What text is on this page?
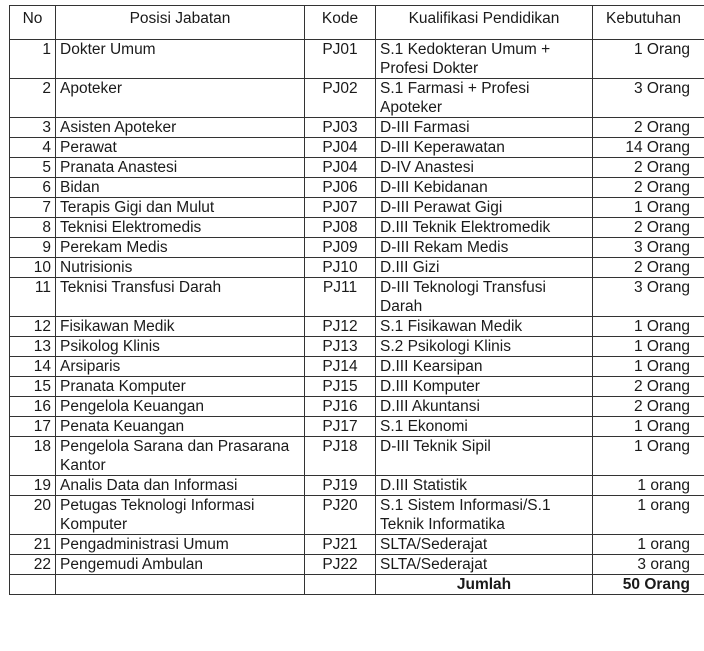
No	Posisi Jabatan	Kode	Kualifikasi Pendidikan	Kebutuhan
1	Dokter Umum	PJ01	S.1 Kedokteran Umum + Profesi Dokter	1 Orang
2	Apoteker	PJ02	S.1 Farmasi + Profesi Apoteker	3 Orang
3	Asisten Apoteker	PJ03	D-III Farmasi	2 Orang
4	Perawat	PJ04	D-III Keperawatan	14 Orang
5	Pranata Anastesi	PJ04	D-IV Anastesi	2 Orang
6	Bidan	PJ06	D-III Kebidanan	2 Orang
7	Terapis Gigi dan Mulut	PJ07	D-III Perawat Gigi	1 Orang
8	Teknisi Elektromedis	PJ08	D.III Teknik Elektromedik	2 Orang
9	Perekam Medis	PJ09	D-III Rekam Medis	3 Orang
10	Nutrisionis	PJ10	D.III Gizi	2 Orang
11	Teknisi Transfusi Darah	PJ11	D-III Teknologi Transfusi Darah	3 Orang
12	Fisikawan Medik	PJ12	S.1 Fisikawan Medik	1 Orang
13	Psikolog Klinis	PJ13	S.2 Psikologi Klinis	1 Orang
14	Arsiparis	PJ14	D.III Kearsipan	1 Orang
15	Pranata Komputer	PJ15	D.III Komputer	2 Orang
16	Pengelola Keuangan	PJ16	D.III Akuntansi	2 Orang
17	Penata Keuangan	PJ17	S.1 Ekonomi	1 Orang
18	Pengelola Sarana dan Prasarana Kantor	PJ18	D-III Teknik Sipil	1 Orang
19	Analis Data dan Informasi	PJ19	D.III Statistik	1 orang
20	Petugas Teknologi Informasi Komputer	PJ20	S.1 Sistem Informasi/S.1 Teknik Informatika	1 orang
21	Pengadministrasi Umum	PJ21	SLTA/Sederajat	1 orang
22	Pengemudi Ambulan	PJ22	SLTA/Sederajat	3 orang
			Jumlah	50 Orang
